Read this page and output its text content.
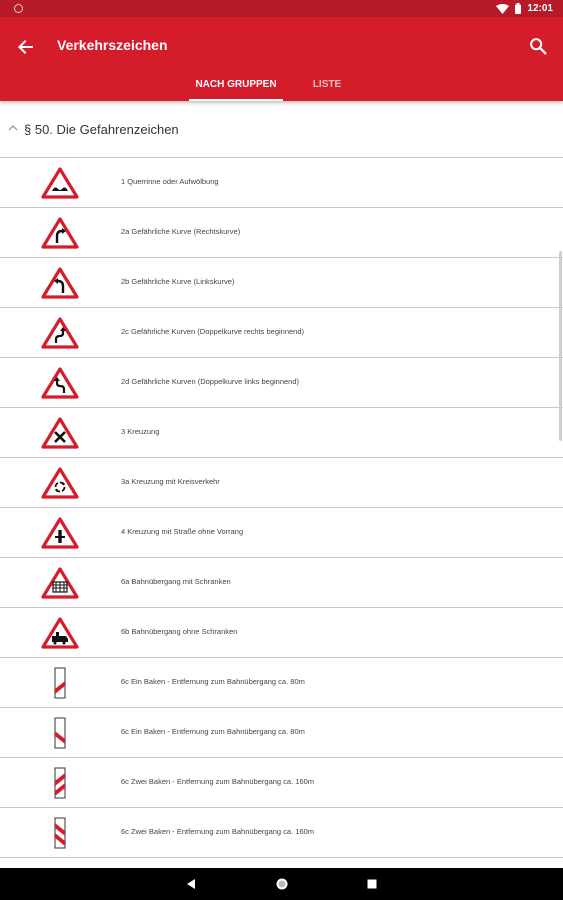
12:01
Verkehrszeichen
NACH GRUPPEN	LISTE
§ 50. Die Gefahrenzeichen
1 Querrinne oder Aufwölbung
2a Gefährliche Kurve (Rechtskurve)
2b Gefährliche Kurve (Linkskurve)
2c Gefährliche Kurven (Doppelkurve rechts beginnend)
2d Gefährliche Kurven (Doppelkurve links beginnend)
3 Kreuzung
3a Kreuzung mit Kreisverkehr
4 Kreuzung mit Straße ohne Vorrang
6a Bahnübergang mit Schranken
6b Bahnübergang ohne Schranken
6c Ein Baken - Entfernung zum Bahnübergang ca. 80m
6c Ein Baken - Entfernung zum Bahnübergang ca. 80m
6c Zwei Baken - Entfernung zum Bahnübergang ca. 160m
6c Zwei Baken - Entfernung zum Bahnübergang ca. 160m
